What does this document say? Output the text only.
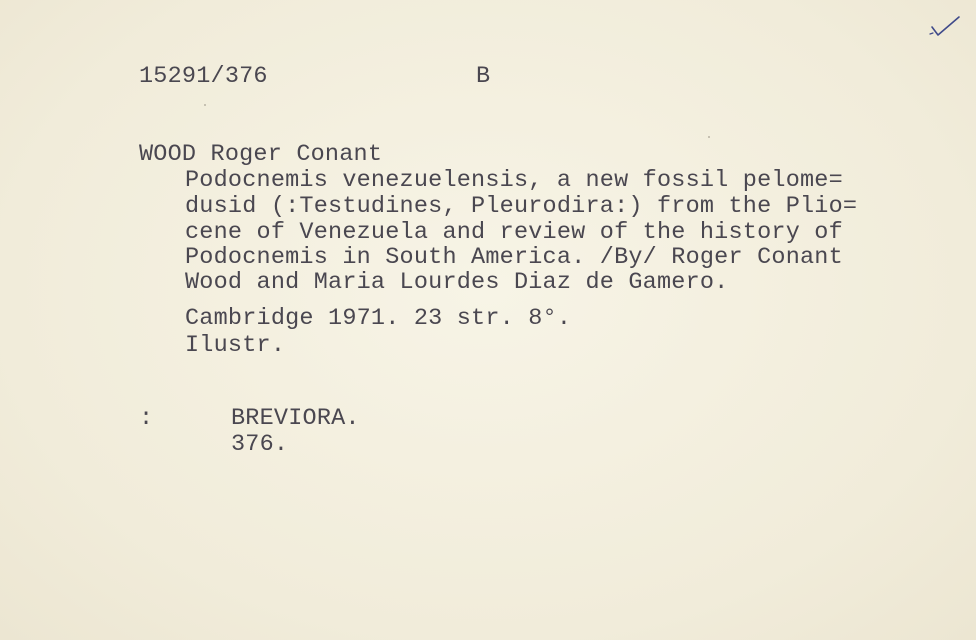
15291/376	B
WOOD Roger Conant
Podocnemis venezuelensis, a new fossil pelome=
dusid (:Testudines, Pleurodira:) from the Plio=
cene of Venezuela and review of the history of
Podocnemis in South America. /By/ Roger Conant
Wood and Maria Lourdes Diaz de Gamero.
Cambridge 1971. 23 str. 8°.
Ilustr.
:	BREVIORA.
376.
